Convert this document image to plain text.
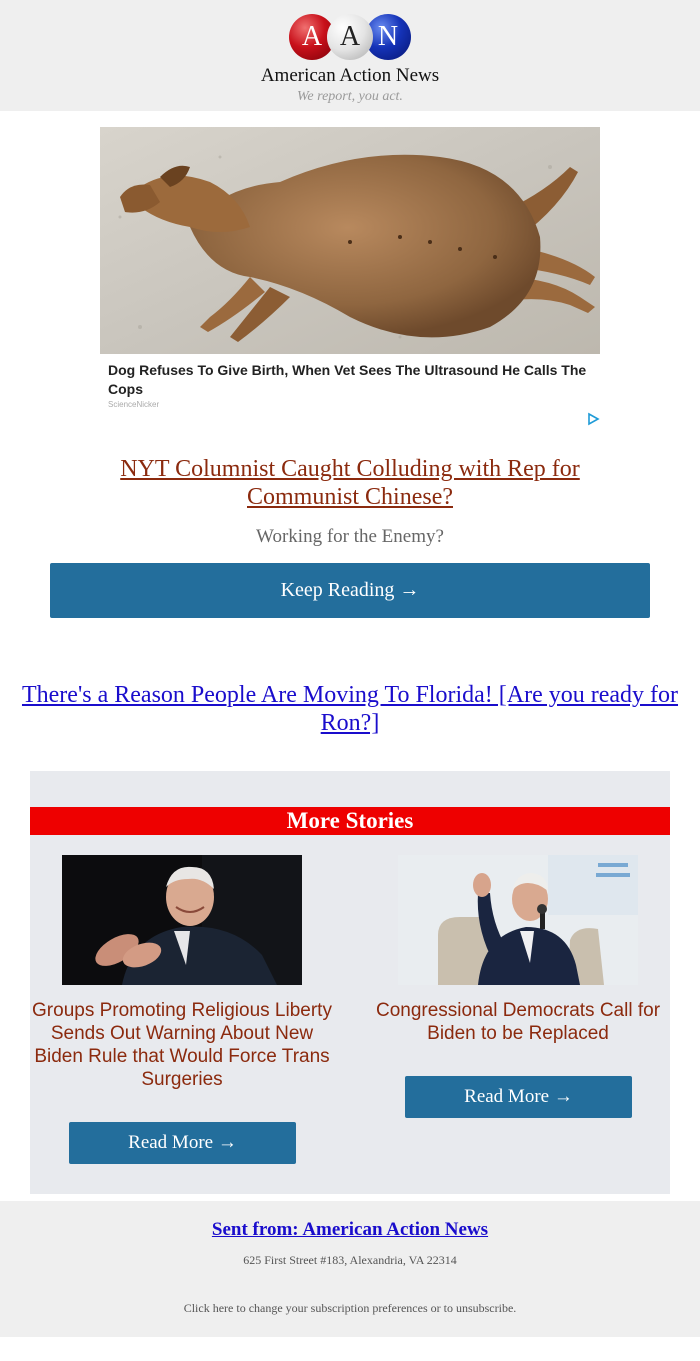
A A N
American Action News
We report, you act.
Dog Refuses To Give Birth, When Vet Sees The Ultrasound He Calls The Cops
ScienceNicker
NYT Columnist Caught Colluding with Rep for Communist Chinese?
Working for the Enemy?
Keep Reading →
There's a Reason People Are Moving To Florida! [Are you ready for Ron?]
More Stories
Groups Promoting Religious Liberty Sends Out Warning About New Biden Rule that Would Force Trans Surgeries
Read More →
Congressional Democrats Call for Biden to be Replaced
Read More →
Sent from: American Action News
625 First Street #183, Alexandria, VA 22314
Click here to change your subscription preferences or to unsubscribe.
